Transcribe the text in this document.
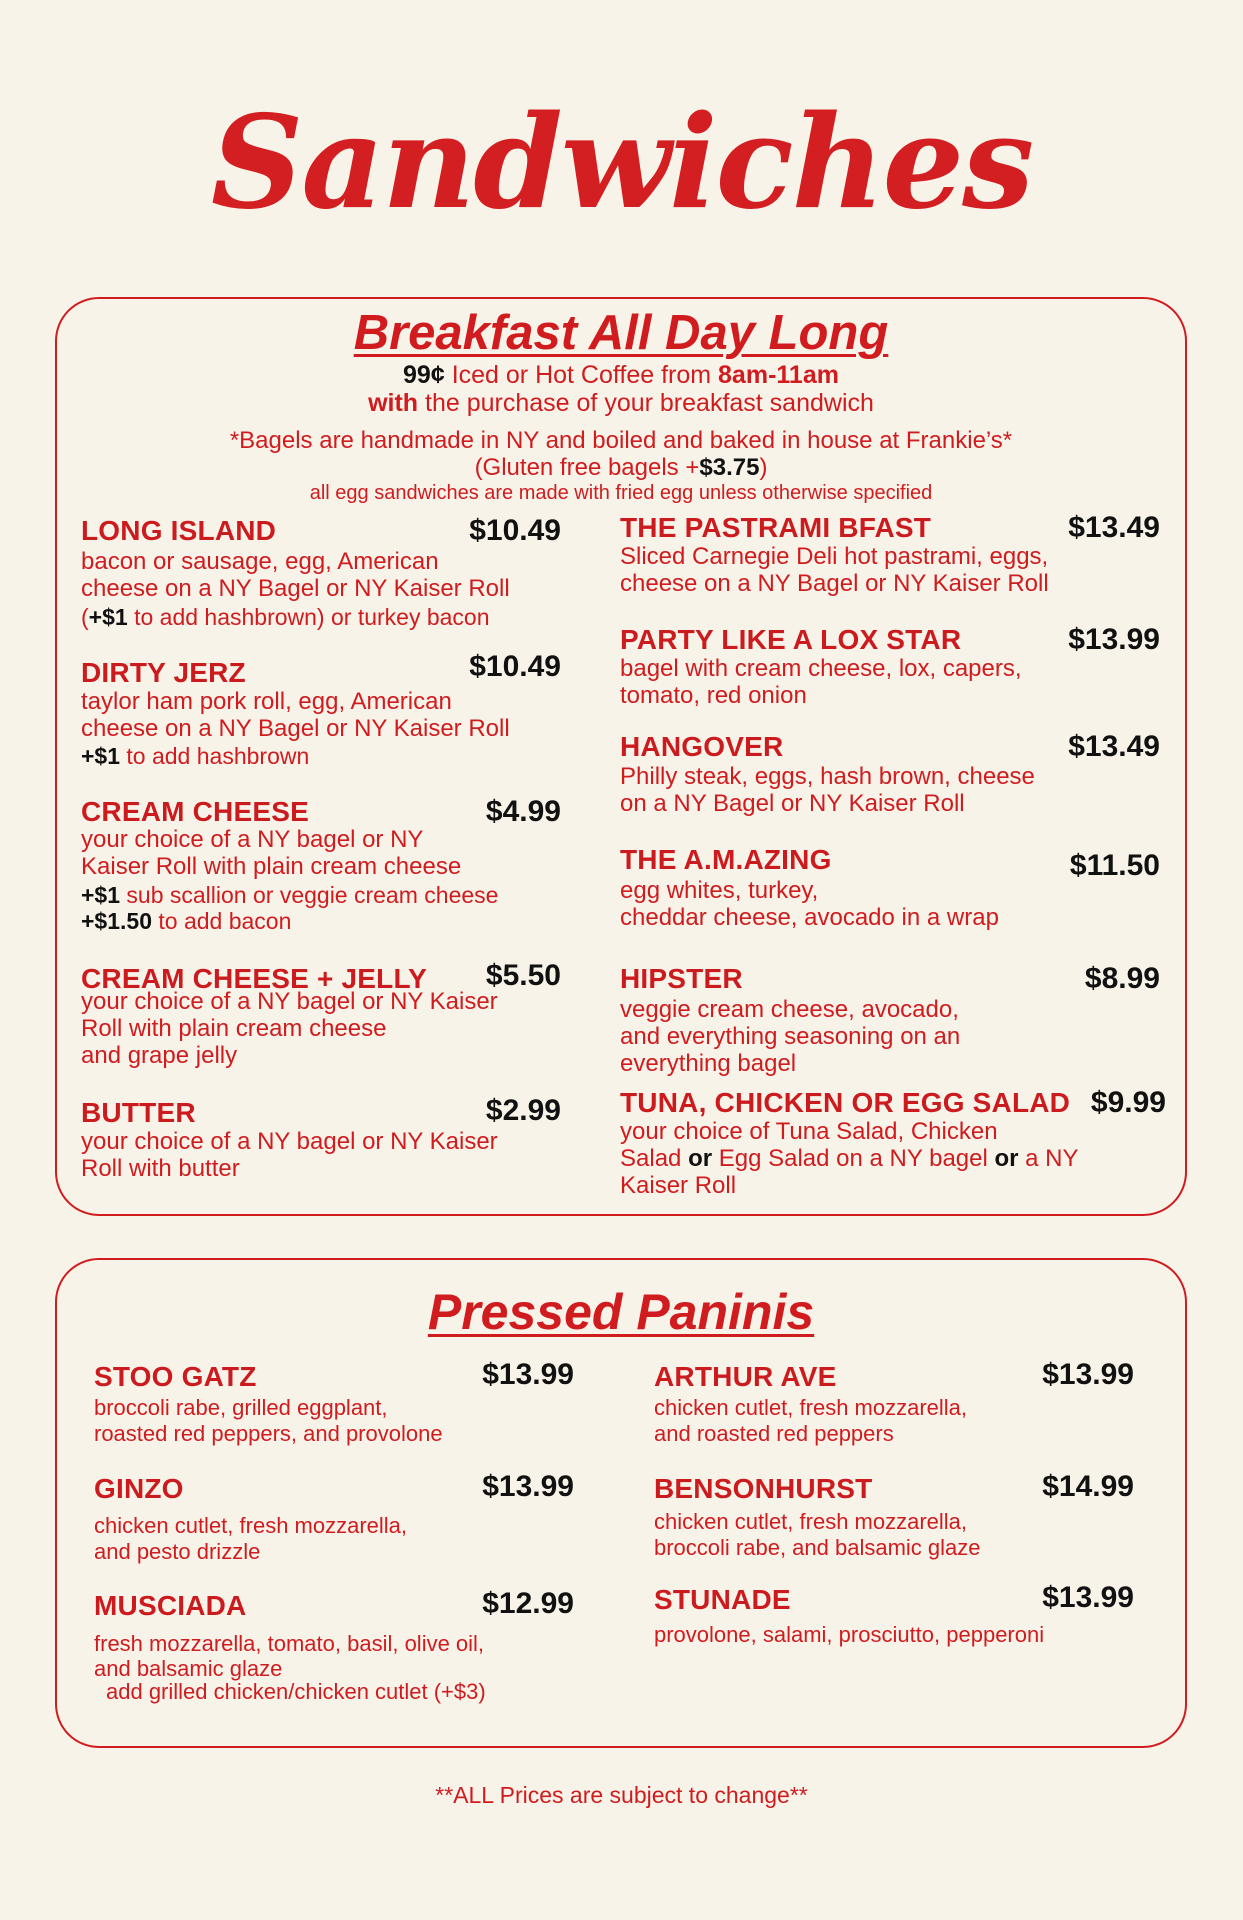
Sandwiches
Breakfast All Day Long
99¢ Iced or Hot Coffee from 8am-11am
with the purchase of your breakfast sandwich
*Bagels are handmade in NY and boiled and baked in house at Frankie’s*
(Gluten free bagels +$3.75)
all egg sandwiches are made with fried egg unless otherwise specified
LONG ISLAND	$10.49
bacon or sausage, egg, American
cheese on a NY Bagel or NY Kaiser Roll
(+$1 to add hashbrown) or turkey bacon
DIRTY JERZ	$10.49
taylor ham pork roll, egg, American
cheese on a NY Bagel or NY Kaiser Roll
+$1 to add hashbrown
CREAM CHEESE	$4.99
your choice of a NY bagel or NY
Kaiser Roll with plain cream cheese
+$1 sub scallion or veggie cream cheese
+$1.50 to add bacon
CREAM CHEESE + JELLY $5.50
your choice of a NY bagel or NY Kaiser
Roll with plain cream cheese
and grape jelly
BUTTER	$2.99
your choice of a NY bagel or NY Kaiser
Roll with butter
THE PASTRAMI BFAST	$13.49
Sliced Carnegie Deli hot pastrami, eggs,
cheese on a NY Bagel or NY Kaiser Roll
PARTY LIKE A LOX STAR	$13.99
bagel with cream cheese, lox, capers,
tomato, red onion
HANGOVER	$13.49
Philly steak, eggs, hash brown, cheese
on a NY Bagel or NY Kaiser Roll
THE A.M.AZING	$11.50
egg whites, turkey,
cheddar cheese, avocado in a wrap
HIPSTER	$8.99
veggie cream cheese, avocado,
and everything seasoning on an
everything bagel
TUNA, CHICKEN OR EGG SALAD $9.99
your choice of Tuna Salad, Chicken
Salad or Egg Salad on a NY bagel or a NY
Kaiser Roll
Pressed Paninis
STOO GATZ	$13.99
broccoli rabe, grilled eggplant,
roasted red peppers, and provolone
GINZO	$13.99
chicken cutlet, fresh mozzarella,
and pesto drizzle
MUSCIADA	$12.99
fresh mozzarella, tomato, basil, olive oil,
and balsamic glaze
add grilled chicken/chicken cutlet (+$3)
ARTHUR AVE	$13.99
chicken cutlet, fresh mozzarella,
and roasted red peppers
BENSONHURST	$14.99
chicken cutlet, fresh mozzarella,
broccoli rabe, and balsamic glaze
STUNADE	$13.99
provolone, salami, prosciutto, pepperoni
**ALL Prices are subject to change**
